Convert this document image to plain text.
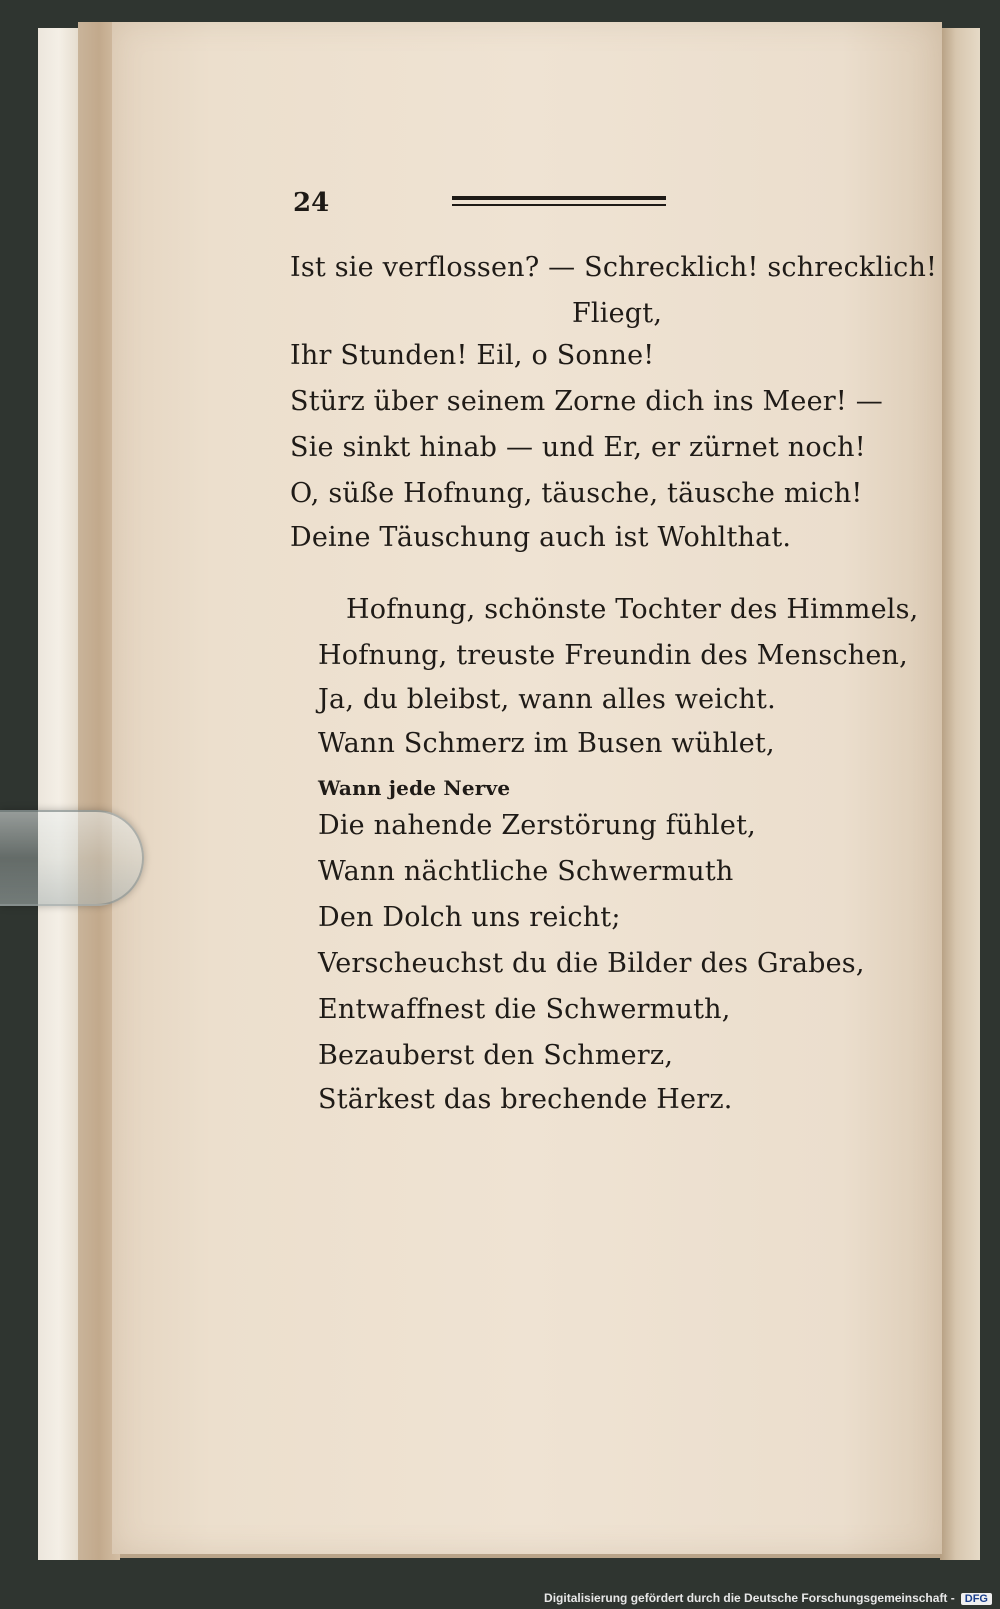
24
Ist sie verflossen? — Schrecklich! schrecklich!
Fliegt,
Ihr Stunden! Eil, o Sonne!
Stürz über seinem Zorne dich ins Meer! —
Sie sinkt hinab — und Er, er zürnet noch!
O, süße Hofnung, täusche, täusche mich!
Deine Täuschung auch ist Wohlthat.
Hofnung, schönste Tochter des Himmels,
Hofnung, treuste Freundin des Menschen,
Ja, du bleibst, wann alles weicht.
Wann Schmerz im Busen wühlet,
Wann jede Nerve
Die nahende Zerstörung fühlet,
Wann nächtliche Schwermuth
Den Dolch uns reicht;
Verscheuchst du die Bilder des Grabes,
Entwaffnest die Schwermuth,
Bezauberst den Schmerz,
Stärkest das brechende Herz.
Digitalisierung gefördert durch die Deutsche Forschungsgemeinschaft - DFG
